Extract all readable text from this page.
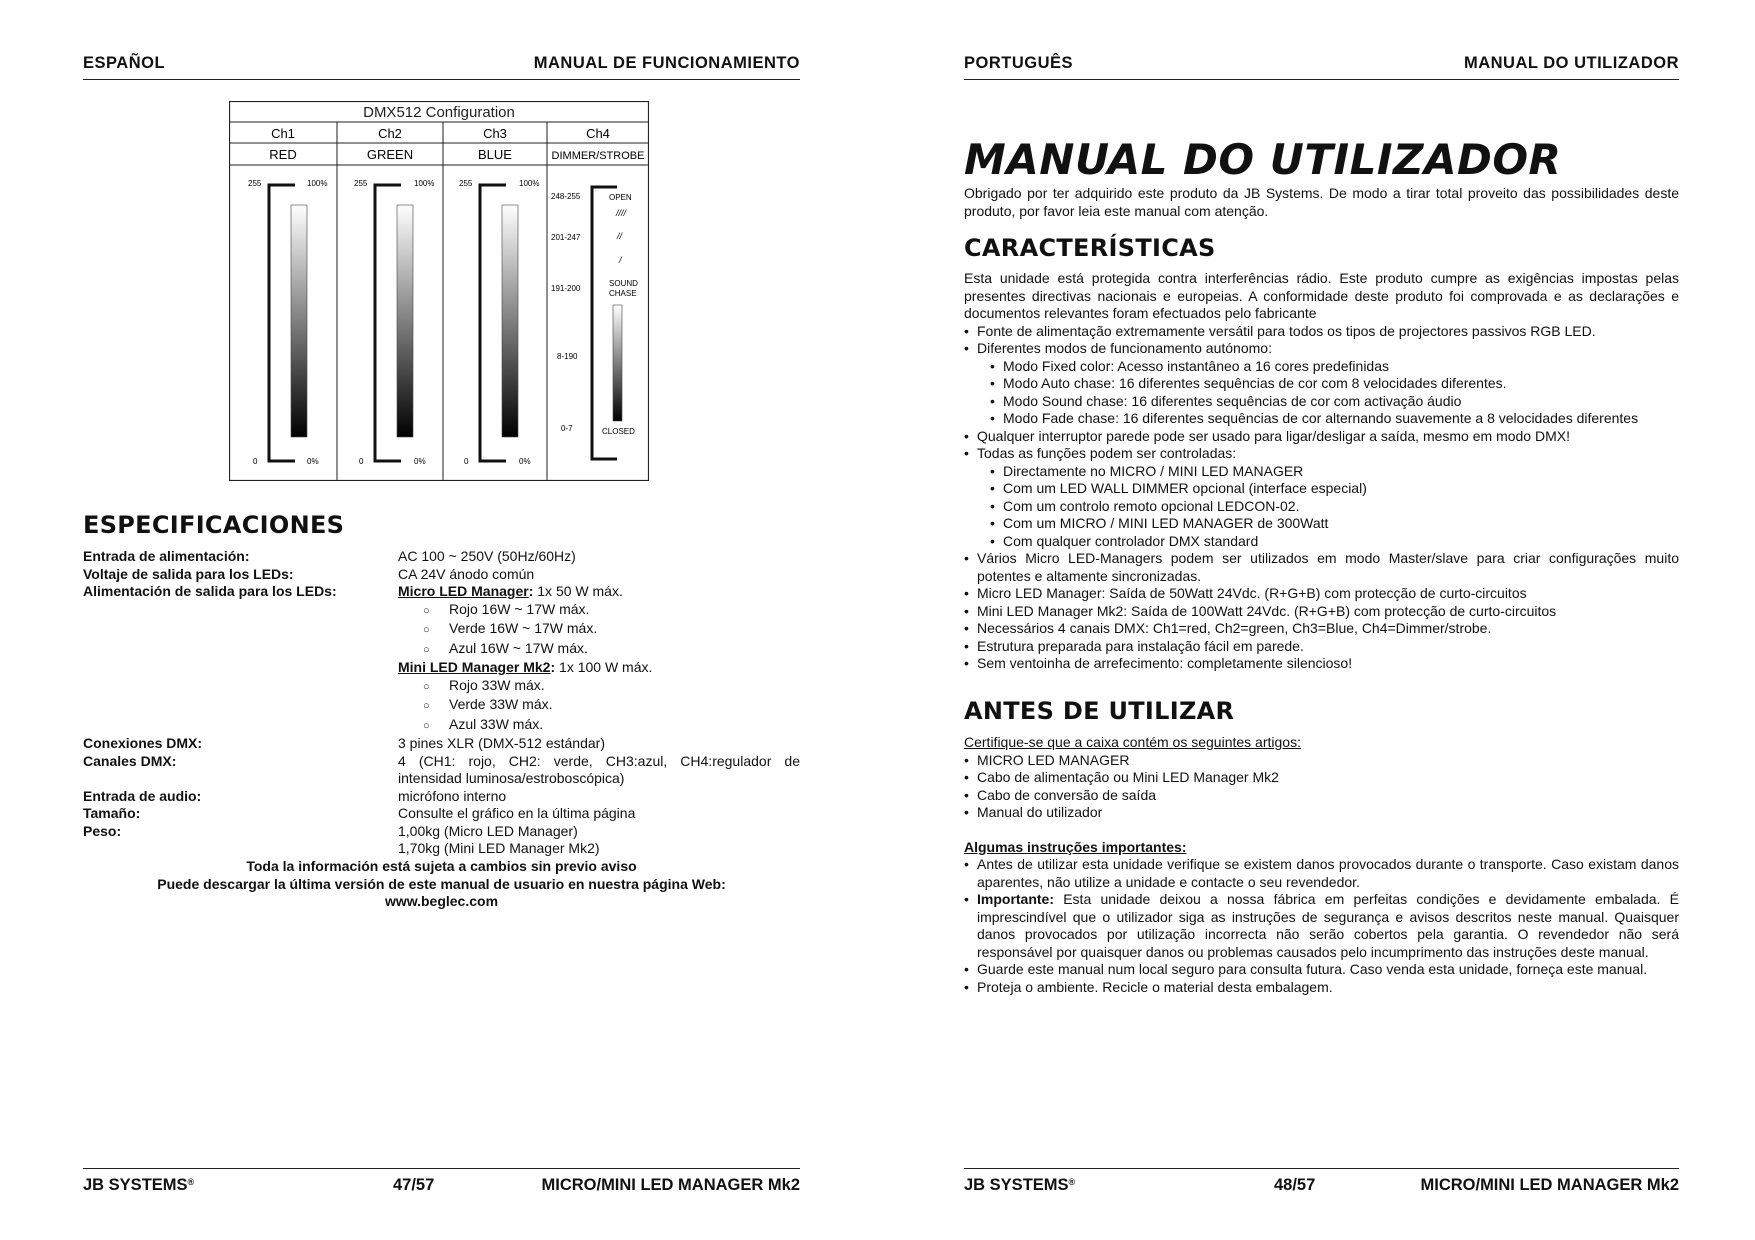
ESPAÑOL	MANUAL DE FUNCIONAMIENTO
DMX512 Configuration
Ch1	Ch2	Ch3	Ch4
RED	GREEN	BLUE	DIMMER/STROBE
255	100%
0	0%
255	100%
0	0%
255	100%
0	0%
248-255	OPEN
////
201-247	//
/
191-200
SOUND
CHASE
8-190
0-7	CLOSED
ESPECIFICACIONES
Entrada de alimentación:	AC 100 ~ 250V (50Hz/60Hz)
Voltaje de salida para los LEDs:	CA 24V ánodo común
Alimentación de salida para los LEDs:	Micro LED Manager: 1x 50 W máx.
○ Rojo 16W ~ 17W máx.
○ Verde 16W ~ 17W máx.
○ Azul 16W ~ 17W máx.
Mini LED Manager Mk2: 1x 100 W máx.
○ Rojo 33W máx.
○ Verde 33W máx.
○ Azul 33W máx.
Conexiones DMX:	3 pines XLR (DMX-512 estándar)
Canales DMX:	4 (CH1: rojo, CH2: verde, CH3:azul, CH4:regulador de intensidad luminosa/estroboscópica)
Entrada de audio:	micrófono interno
Tamaño:	Consulte el gráfico en la última página
Peso:	1,00kg (Micro LED Manager)
1,70kg (Mini LED Manager Mk2)
Toda la información está sujeta a cambios sin previo aviso
Puede descargar la última versión de este manual de usuario en nuestra página Web:
www.beglec.com
JB SYSTEMS®	47/57	MICRO/MINI LED MANAGER Mk2
PORTUGUÊS	MANUAL DO UTILIZADOR
MANUAL DO UTILIZADOR
Obrigado por ter adquirido este produto da JB Systems. De modo a tirar total proveito das possibilidades deste produto, por favor leia este manual com atenção.
CARACTERÍSTICAS
Esta unidade está protegida contra interferências rádio. Este produto cumpre as exigências impostas pelas presentes directivas nacionais e europeias. A conformidade deste produto foi comprovada e as declarações e documentos relevantes foram efectuados pelo fabricante
• Fonte de alimentação extremamente versátil para todos os tipos de projectores passivos RGB LED.
• Diferentes modos de funcionamento autónomo:
• Modo Fixed color: Acesso instantâneo a 16 cores predefinidas
• Modo Auto chase: 16 diferentes sequências de cor com 8 velocidades diferentes.
• Modo Sound chase: 16 diferentes sequências de cor com activação áudio
• Modo Fade chase: 16 diferentes sequências de cor alternando suavemente a 8 velocidades diferentes
• Qualquer interruptor parede pode ser usado para ligar/desligar a saída, mesmo em modo DMX!
• Todas as funções podem ser controladas:
• Directamente no MICRO / MINI LED MANAGER
• Com um LED WALL DIMMER opcional (interface especial)
• Com um controlo remoto opcional LEDCON-02.
• Com um MICRO / MINI LED MANAGER de 300Watt
• Com qualquer controlador DMX standard
• Vários Micro LED-Managers podem ser utilizados em modo Master/slave para criar configurações muito potentes e altamente sincronizadas.
• Micro LED Manager: Saída de 50Watt 24Vdc. (R+G+B) com protecção de curto-circuitos
• Mini LED Manager Mk2: Saída de 100Watt 24Vdc. (R+G+B) com protecção de curto-circuitos
• Necessários 4 canais DMX: Ch1=red, Ch2=green, Ch3=Blue, Ch4=Dimmer/strobe.
• Estrutura preparada para instalação fácil em parede.
• Sem ventoinha de arrefecimento: completamente silencioso!
ANTES DE UTILIZAR
Certifique-se que a caixa contém os seguintes artigos:
• MICRO LED MANAGER
• Cabo de alimentação ou Mini LED Manager Mk2
• Cabo de conversão de saída
• Manual do utilizador
Algumas instruções importantes:
• Antes de utilizar esta unidade verifique se existem danos provocados durante o transporte. Caso existam danos aparentes, não utilize a unidade e contacte o seu revendedor.
• Importante: Esta unidade deixou a nossa fábrica em perfeitas condições e devidamente embalada. É imprescindível que o utilizador siga as instruções de segurança e avisos descritos neste manual. Quaisquer danos provocados por utilização incorrecta não serão cobertos pela garantia. O revendedor não será responsável por quaisquer danos ou problemas causados pelo incumprimento das instruções deste manual.
• Guarde este manual num local seguro para consulta futura. Caso venda esta unidade, forneça este manual.
• Proteja o ambiente. Recicle o material desta embalagem.
JB SYSTEMS®	48/57	MICRO/MINI LED MANAGER Mk2
